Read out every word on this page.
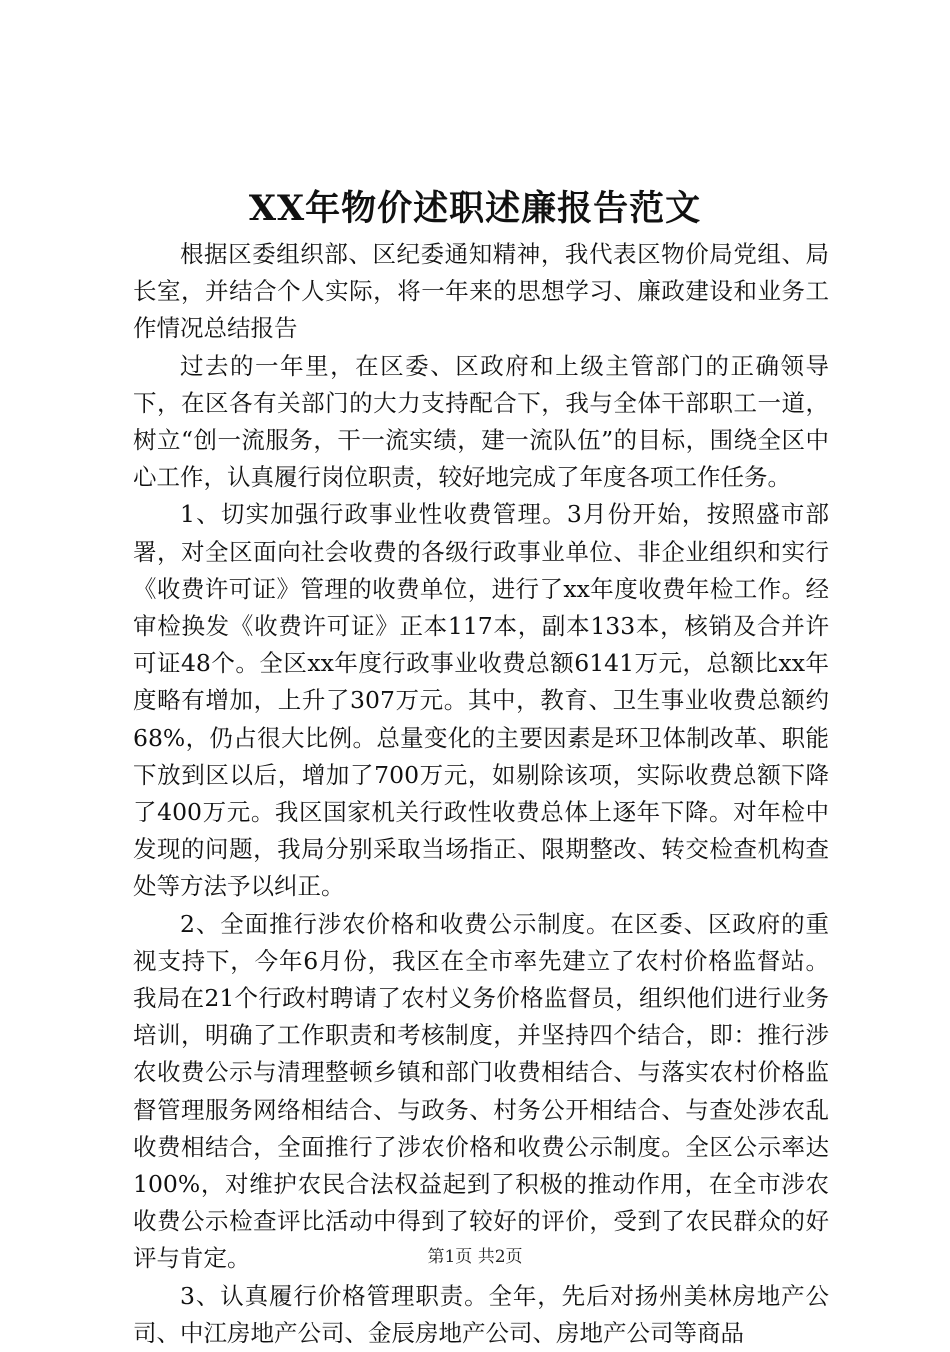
XX年物价述职述廉报告范文

根据区委组织部、区纪委通知精神，我代表区物价局党组、局长室，并结合个人实际，将一年来的思想学习、廉政建设和业务工作情况总结报告

过去的一年里，在区委、区政府和上级主管部门的正确领导下，在区各有关部门的大力支持配合下，我与全体干部职工一道，树立“创一流服务，干一流实绩，建一流队伍”的目标，围绕全区中心工作，认真履行岗位职责，较好地完成了年度各项工作任务。

1、切实加强行政事业性收费管理。3月份开始，按照盛市部署，对全区面向社会收费的各级行政事业单位、非企业组织和实行《收费许可证》管理的收费单位，进行了xx年度收费年检工作。经审检换发《收费许可证》正本117本，副本133本，核销及合并许可证48个。全区xx年度行政事业收费总额6141万元，总额比xx年度略有增加，上升了307万元。其中，教育、卫生事业收费总额约68%，仍占很大比例。总量变化的主要因素是环卫体制改革、职能下放到区以后，增加了700万元，如剔除该项，实际收费总额下降了400万元。我区国家机关行政性收费总体上逐年下降。对年检中发现的问题，我局分别采取当场指正、限期整改、转交检查机构查处等方法予以纠正。

2、全面推行涉农价格和收费公示制度。在区委、区政府的重视支持下，今年6月份，我区在全市率先建立了农村价格监督站。我局在21个行政村聘请了农村义务价格监督员，组织他们进行业务培训，明确了工作职责和考核制度，并坚持四个结合，即：推行涉农收费公示与清理整顿乡镇和部门收费相结合、与落实农村价格监督管理服务网络相结合、与政务、村务公开相结合、与查处涉农乱收费相结合，全面推行了涉农价格和收费公示制度。全区公示率达100%，对维护农民合法权益起到了积极的推动作用，在全市涉农收费公示检查评比活动中得到了较好的评价，受到了农民群众的好评与肯定。

3、认真履行价格管理职责。全年，先后对扬州美林房地产公司、中江房地产公司、金辰房地产公司、房地产公司等商品

第1页 共2页
